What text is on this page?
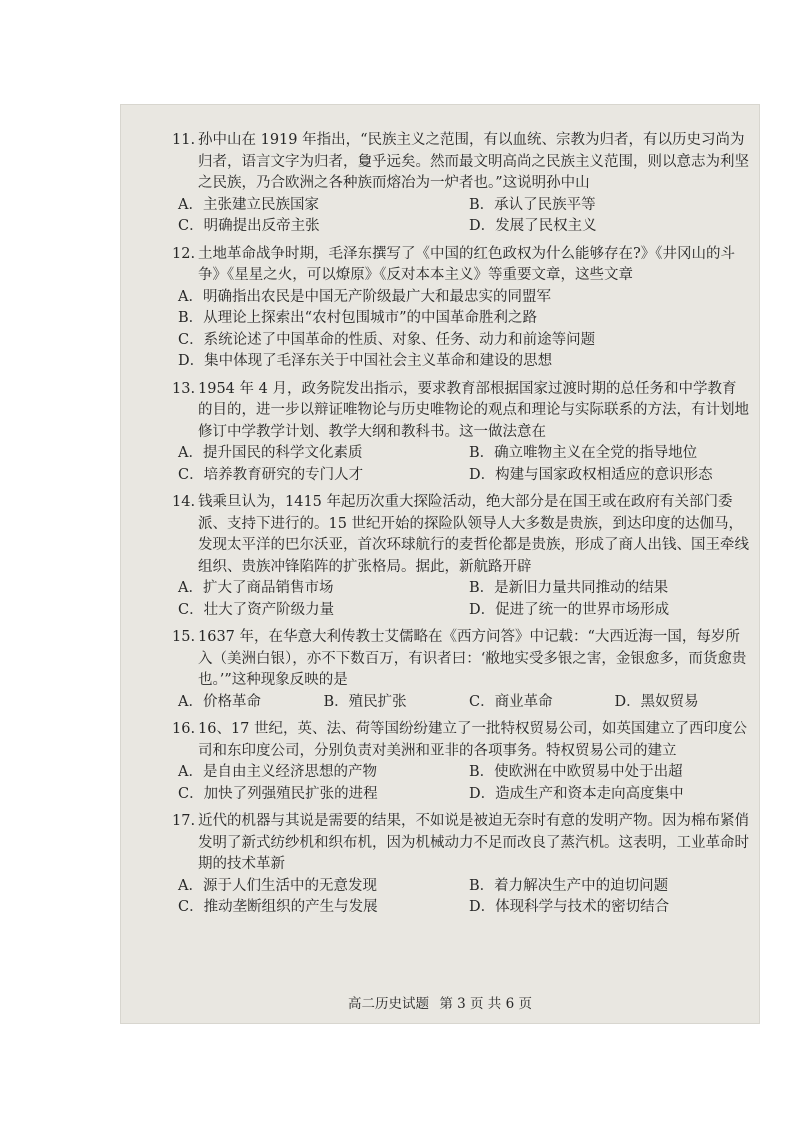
11. 孙中山在 1919 年指出，“民族主义之范围，有以血统、宗教为归者，有以历史习尚为归者，语言文字为归者，敻乎远矣。然而最文明高尚之民族主义范围，则以意志为利坚之民族，乃合欧洲之各种族而熔冶为一炉者也。”这说明孙中山
A．主张建立民族国家	B．承认了民族平等
C．明确提出反帝主张	D．发展了民权主义
12. 土地革命战争时期，毛泽东撰写了《中国的红色政权为什么能够存在?》《井冈山的斗争》《星星之火，可以燎原》《反对本本主义》等重要文章，这些文章
A．明确指出农民是中国无产阶级最广大和最忠实的同盟军
B．从理论上探索出“农村包围城市”的中国革命胜利之路
C．系统论述了中国革命的性质、对象、任务、动力和前途等问题
D．集中体现了毛泽东关于中国社会主义革命和建设的思想
13. 1954 年 4 月，政务院发出指示，要求教育部根据国家过渡时期的总任务和中学教育的目的，进一步以辩证唯物论与历史唯物论的观点和理论与实际联系的方法，有计划地修订中学教学计划、教学大纲和教科书。这一做法意在
A．提升国民的科学文化素质	B．确立唯物主义在全党的指导地位
C．培养教育研究的专门人才	D．构建与国家政权相适应的意识形态
14. 钱乘旦认为，1415 年起历次重大探险活动，绝大部分是在国王或在政府有关部门委派、支持下进行的。15 世纪开始的探险队领导人大多数是贵族，到达印度的达伽马，发现太平洋的巴尔沃亚，首次环球航行的麦哲伦都是贵族，形成了商人出钱、国王牵线组织、贵族冲锋陷阵的扩张格局。据此，新航路开辟
A．扩大了商品销售市场	B．是新旧力量共同推动的结果
C．壮大了资产阶级力量	D．促进了统一的世界市场形成
15. 1637 年，在华意大利传教士艾儒略在《西方问答》中记载：“大西近海一国，每岁所入（美洲白银），亦不下数百万，有识者曰：‘敝地实受多银之害，金银愈多，而货愈贵也。’”这种现象反映的是
A．价格革命	B．殖民扩张	C．商业革命	D．黑奴贸易
16. 16、17 世纪，英、法、荷等国纷纷建立了一批特权贸易公司，如英国建立了西印度公司和东印度公司，分别负责对美洲和亚非的各项事务。特权贸易公司的建立
A．是自由主义经济思想的产物	B．使欧洲在中欧贸易中处于出超
C．加快了列强殖民扩张的进程	D．造成生产和资本走向高度集中
17. 近代的机器与其说是需要的结果，不如说是被迫无奈时有意的发明产物。因为棉布紧俏发明了新式纺纱机和织布机，因为机械动力不足而改良了蒸汽机。这表明，工业革命时期的技术革新
A．源于人们生活中的无意发现	B．着力解决生产中的迫切问题
C．推动垄断组织的产生与发展	D．体现科学与技术的密切结合
高二历史试题 第 3 页 共 6 页
